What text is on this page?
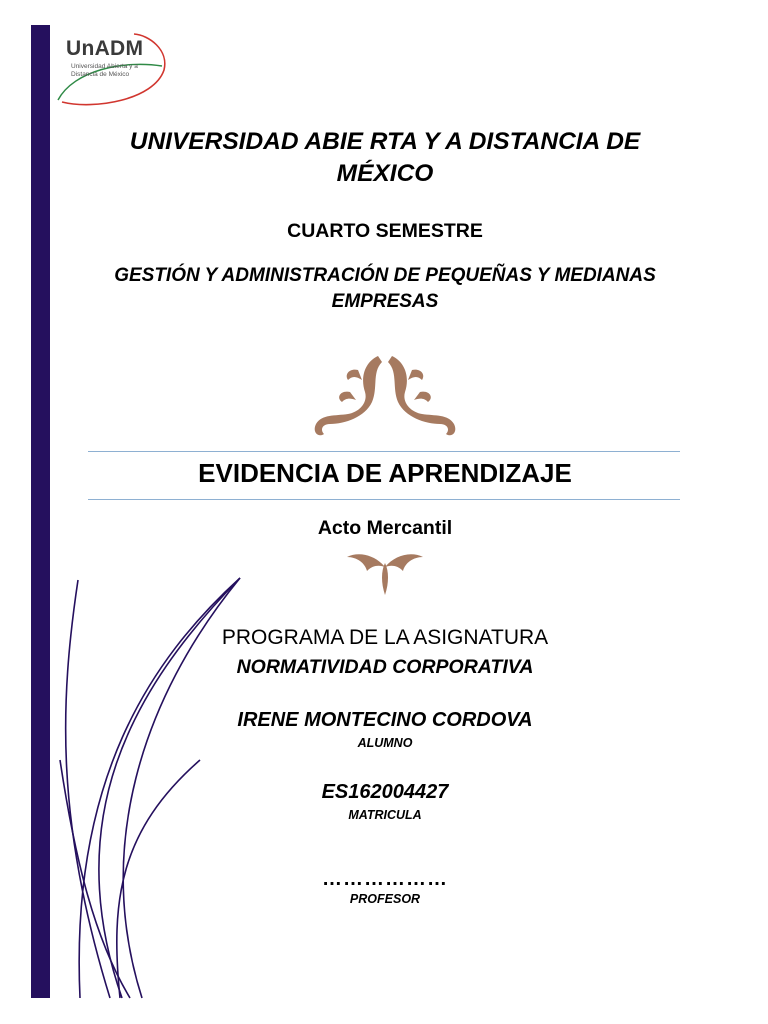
UnADM
Universidad Abierta y a Distancia de México
UNIVERSIDAD ABIE RTA Y A DISTANCIA DE MÉXICO
CUARTO SEMESTRE
GESTIÓN Y ADMINISTRACIÓN DE PEQUEÑAS Y MEDIANAS EMPRESAS
EVIDENCIA DE APRENDIZAJE
Acto Mercantil
PROGRAMA DE LA ASIGNATURA
NORMATIVIDAD CORPORATIVA
IRENE MONTECINO CORDOVA
ALUMNO
ES162004427
MATRICULA
………………
PROFESOR
